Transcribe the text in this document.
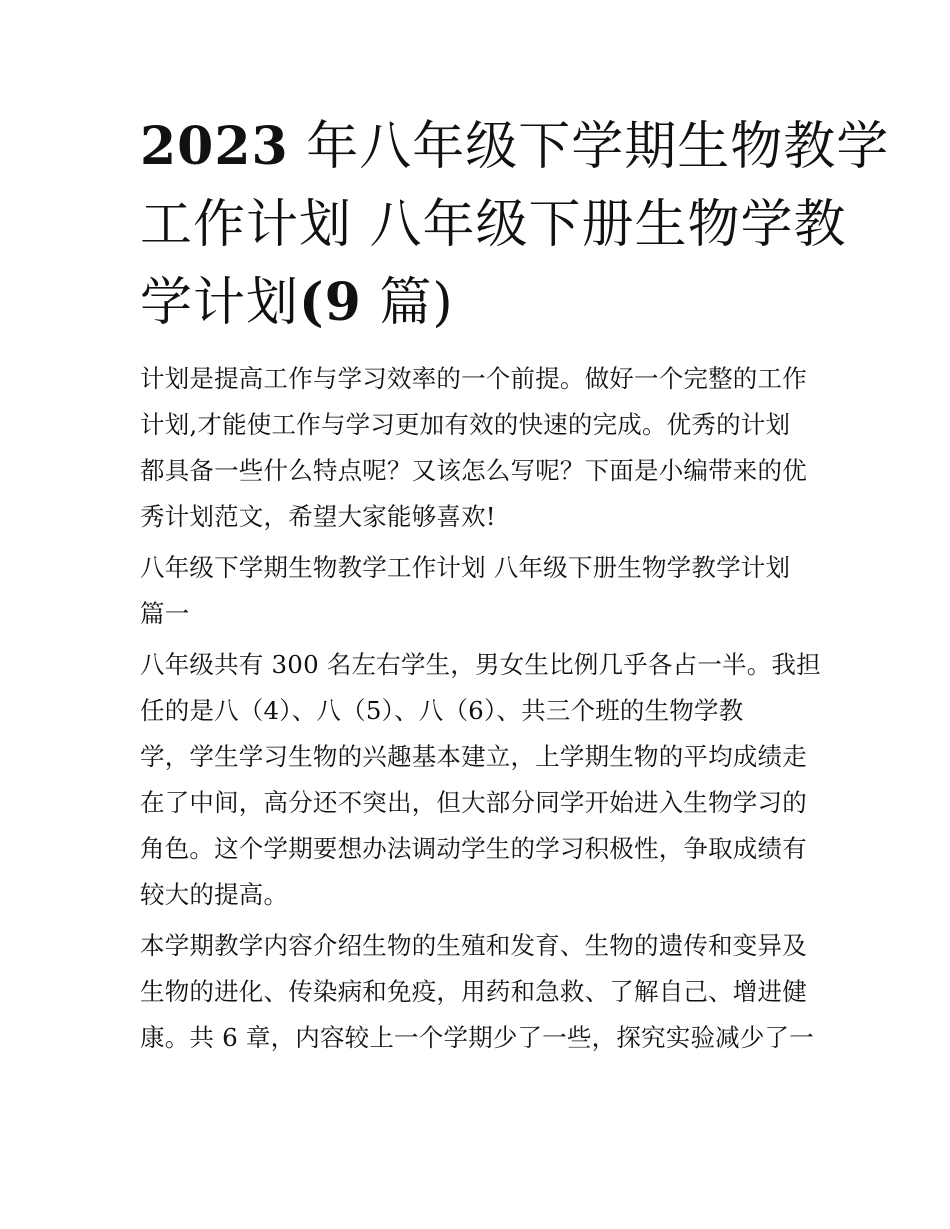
2023 年八年级下学期生物教学
工作计划 八年级下册生物学教
学计划(9 篇)

计划是提高工作与学习效率的一个前提。做好一个完整的工作
计划,才能使工作与学习更加有效的快速的完成。优秀的计划
都具备一些什么特点呢？又该怎么写呢？下面是小编带来的优
秀计划范文，希望大家能够喜欢!

八年级下学期生物教学工作计划 八年级下册生物学教学计划
篇一

八年级共有 300 名左右学生，男女生比例几乎各占一半。我担
任的是八（4）、八（5）、八（6）、共三个班的生物学教
学，学生学习生物的兴趣基本建立，上学期生物的平均成绩走
在了中间，高分还不突出，但大部分同学开始进入生物学习的
角色。这个学期要想办法调动学生的学习积极性，争取成绩有
较大的提高。

本学期教学内容介绍生物的生殖和发育、生物的遗传和变异及
生物的进化、传染病和免疫，用药和急救、了解自己、增进健
康。共 6 章，内容较上一个学期少了一些，探究实验减少了一
